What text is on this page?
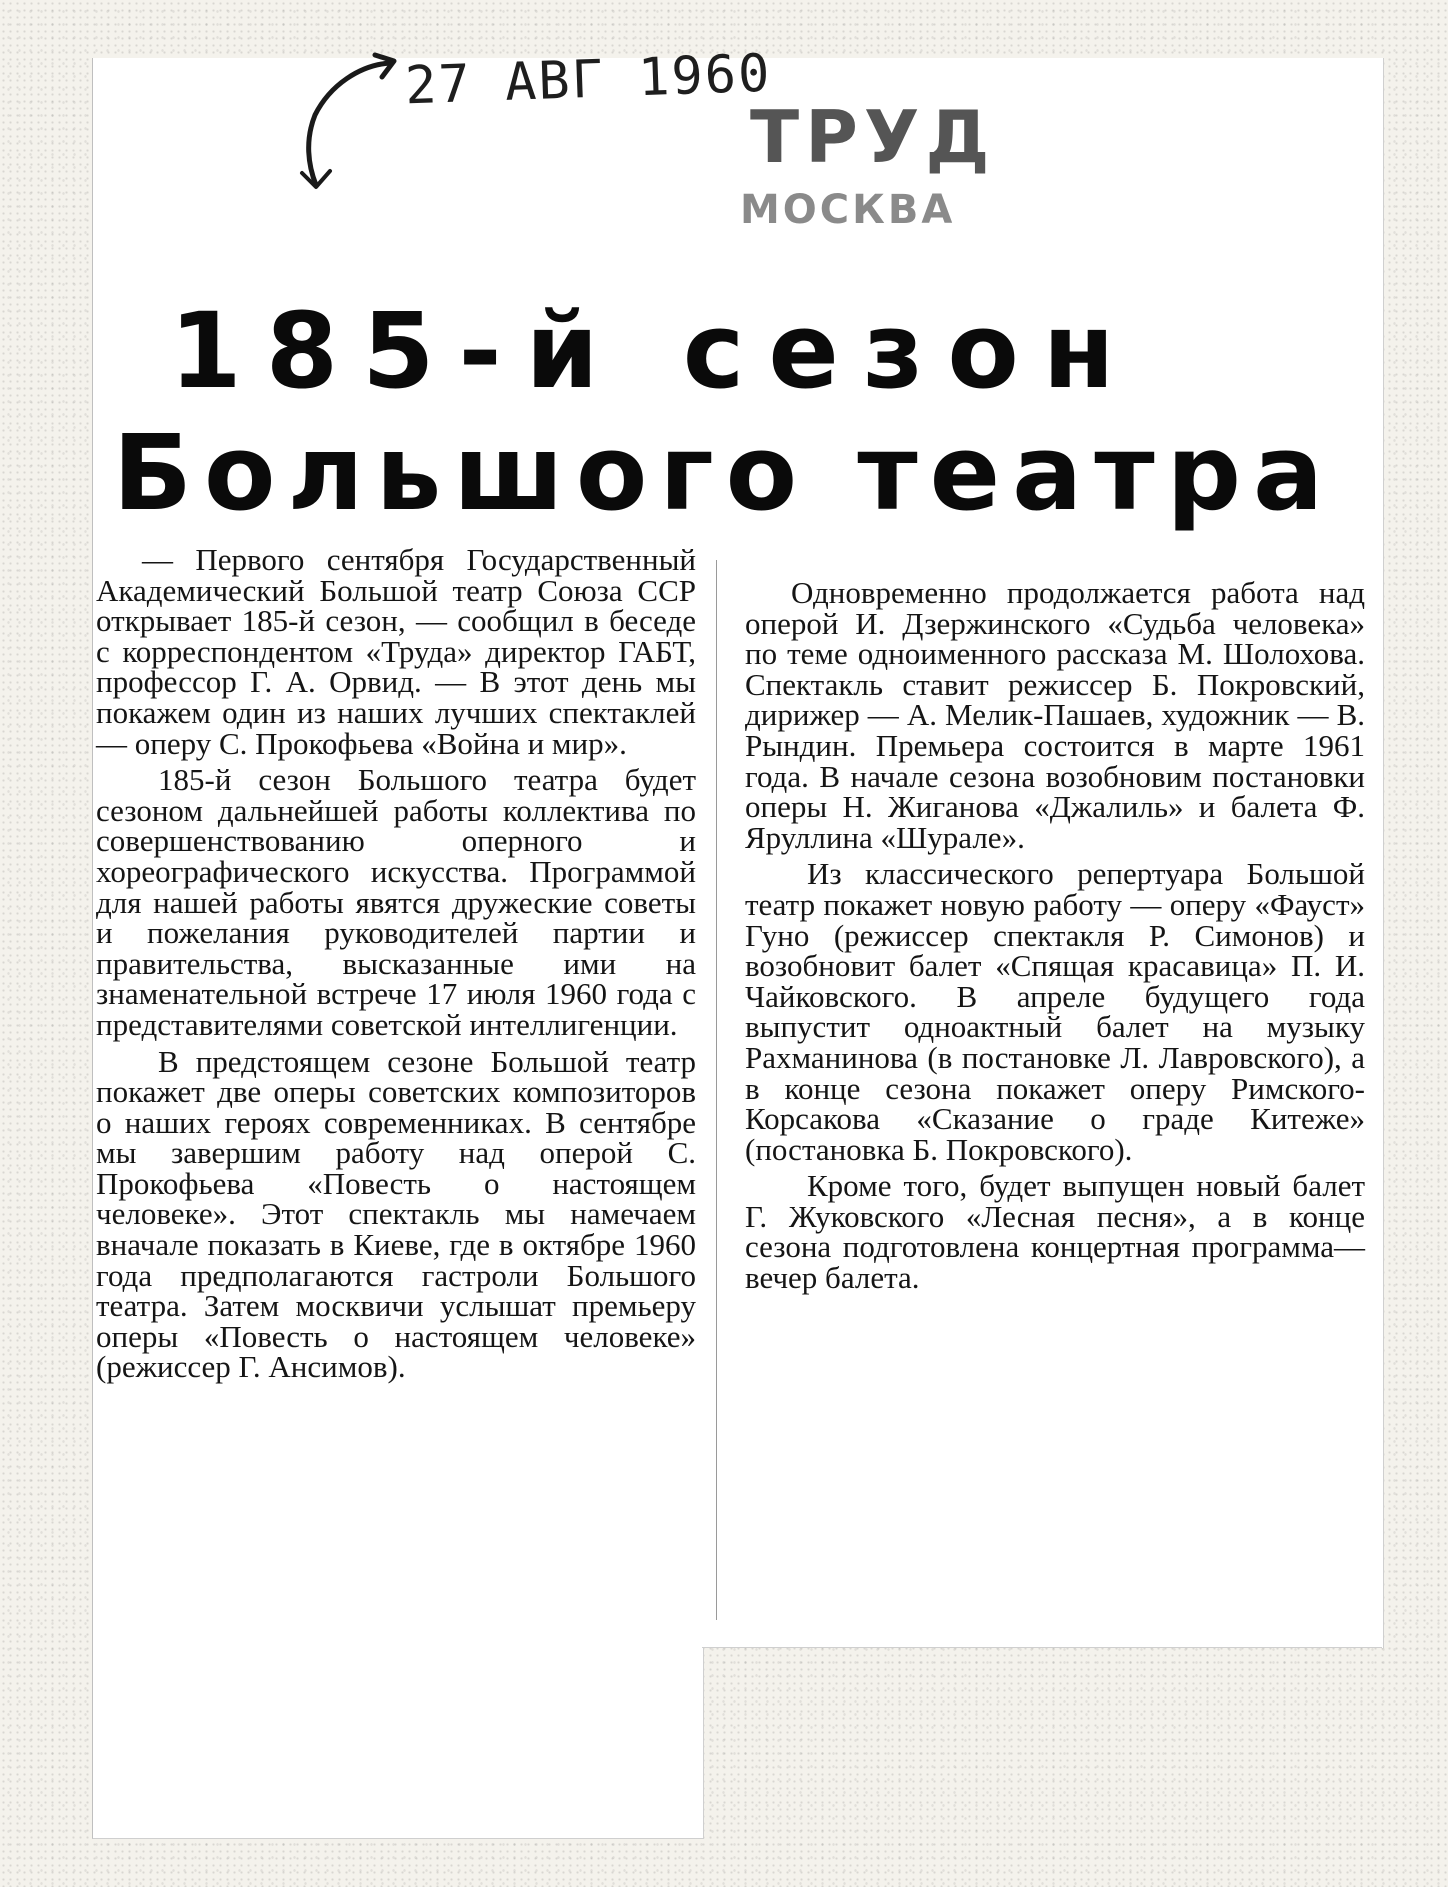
27 АВГ 1960
ТРУД
МОСКВА
185-й сезон
Большого театра

— Первого сентября Государственный Академический Большой театр Союза ССР открывает 185-й сезон, — сообщил в беседе с корреспондентом «Труда» директор ГАБТ, профессор Г. А. Орвид. — В этот день мы покажем один из наших лучших спектаклей — оперу С. Прокофьева «Война и мир».

185-й сезон Большого театра будет сезоном дальнейшей работы коллектива по совершенствованию оперного и хореографического искусства. Программой для нашей работы явятся дружеские советы и пожелания руководителей партии и правительства, высказанные ими на знаменательной встрече 17 июля 1960 года с представителями советской интеллигенции.

В предстоящем сезоне Большой театр покажет две оперы советских композиторов о наших героях современниках. В сентябре мы завершим работу над оперой С. Прокофьева «Повесть о настоящем человеке». Этот спектакль мы намечаем вначале показать в Киеве, где в октябре 1960 года предполагаются гастроли Большого театра. Затем москвичи услышат премьеру оперы «Повесть о настоящем человеке» (режиссер Г. Ансимов).

Одновременно продолжается работа над оперой И. Дзержинского «Судьба человека» по теме одноименного рассказа М. Шолохова. Спектакль ставит режиссер Б. Покровский, дирижер — А. Мелик-Пашаев, художник — В. Рындин. Премьера состоится в марте 1961 года. В начале сезона возобновим постановки оперы Н. Жиганова «Джалиль» и балета Ф. Яруллина «Шурале».

Из классического репертуара Большой театр покажет новую работу — оперу «Фауст» Гуно (режиссер спектакля Р. Симонов) и возобновит балет «Спящая красавица» П. И. Чайковского. В апреле будущего года выпустит одноактный балет на музыку Рахманинова (в постановке Л. Лавровского), а в конце сезона покажет оперу Римского-Корсакова «Сказание о граде Китеже» (постановка Б. Покровского).

Кроме того, будет выпущен новый балет Г. Жуковского «Лесная песня», а в конце сезона подготовлена концертная программа—вечер балета.
